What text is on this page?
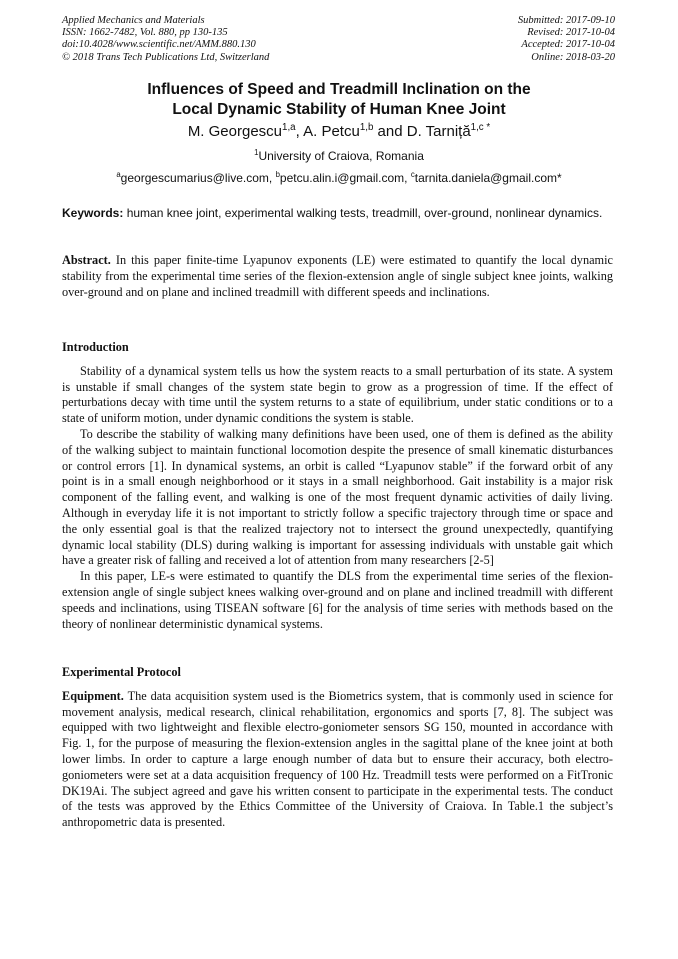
Applied Mechanics and Materials
ISSN: 1662-7482, Vol. 880, pp 130-135
doi:10.4028/www.scientific.net/AMM.880.130
© 2018 Trans Tech Publications Ltd, Switzerland
Submitted: 2017-09-10
Revised: 2017-10-04
Accepted: 2017-10-04
Online: 2018-03-20
Influences of Speed and Treadmill Inclination on the
Local Dynamic Stability of Human Knee Joint
M. Georgescu$^{1,a}$, A. Petcu$^{1,b}$ and D. Tarniță$^{1,c *}$
$^1$University of Craiova, Romania
$^a$georgescumarius@live.com, $^b$petcu.alin.i@gmail.com, $^c$tarnita.daniela@gmail.com*
Keywords: human knee joint, experimental walking tests, treadmill, over-ground, nonlinear dynamics.

Abstract. In this paper finite-time Lyapunov exponents (LE) were estimated to quantify the local dynamic stability from the experimental time series of the flexion-extension angle of single subject knee joints, walking over-ground and on plane and inclined treadmill with different speeds and inclinations.

Introduction

Stability of a dynamical system tells us how the system reacts to a small perturbation of its state. A system is unstable if small changes of the system state begin to grow as a progression of time. If the effect of perturbations decay with time until the system returns to a state of equilibrium, under static conditions or to a state of uniform motion, under dynamic conditions the system is stable.

To describe the stability of walking many definitions have been used, one of them is defined as the ability of the walking subject to maintain functional locomotion despite the presence of small kinematic disturbances or control errors [1]. In dynamical systems, an orbit is called “Lyapunov stable” if the forward orbit of any point is in a small enough neighborhood or it stays in a small neighborhood. Gait instability is a major risk component of the falling event, and walking is one of the most frequent dynamic activities of daily living. Although in everyday life it is not important to strictly follow a specific trajectory through time or space and the only essential goal is that the realized trajectory not to intersect the ground unexpectedly, quantifying dynamic local stability (DLS) during walking is important for assessing individuals with unstable gait which have a greater risk of falling and received a lot of attention from many researchers [2-5]

In this paper, LE-s were estimated to quantify the DLS from the experimental time series of the flexion-extension angle of single subject knees walking over-ground and on plane and inclined treadmill with different speeds and inclinations, using TISEAN software [6] for the analysis of time series with methods based on the theory of nonlinear deterministic dynamical systems.

Experimental Protocol

Equipment. The data acquisition system used is the Biometrics system, that is commonly used in science for movement analysis, medical research, clinical rehabilitation, ergonomics and sports [7, 8]. The subject was equipped with two lightweight and flexible electro-goniometer sensors SG 150, mounted in accordance with Fig. 1, for the purpose of measuring the flexion-extension angles in the sagittal plane of the knee joint at both lower limbs. In order to capture a large enough number of data but to ensure their accuracy, both electro-goniometers were set at a data acquisition frequency of 100 Hz. Treadmill tests were performed on a FitTronic DK19Ai. The subject agreed and gave his written consent to participate in the experimental tests. The conduct of the tests was approved by the Ethics Committee of the University of Craiova. In Table.1 the subject’s anthropometric data is presented.
